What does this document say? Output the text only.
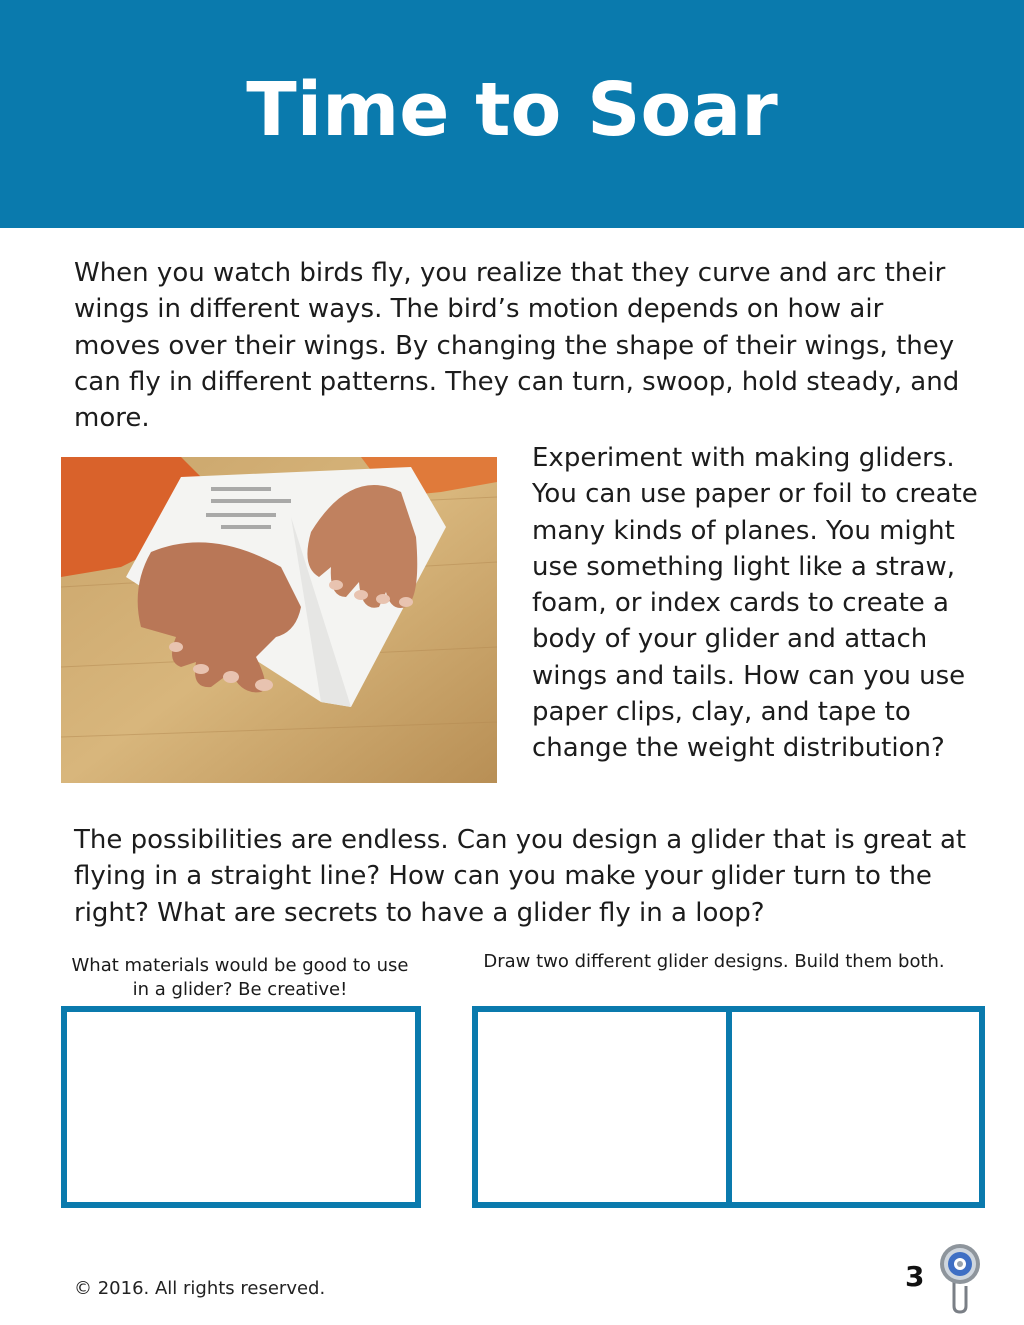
Time to Soar

When you watch birds fly, you realize that they curve and arc their wings in different ways. The bird’s motion depends on how air moves over their wings. By changing the shape of their wings, they can fly in different patterns. They can turn, swoop, hold steady, and more.

Experiment with making gliders. You can use paper or foil to create many kinds of planes. You might use something light like a straw, foam, or index cards to create a body of your glider and attach wings and tails. How can you use paper clips, clay, and tape to change the weight distribution?

The possibilities are endless. Can you design a glider that is great at flying in a straight line? How can you make your glider turn to the right? What are secrets to have a glider fly in a loop?

What materials would be good to use in a glider? Be creative!
Draw two different glider designs. Build them both.
© 2016. All rights reserved.	3
